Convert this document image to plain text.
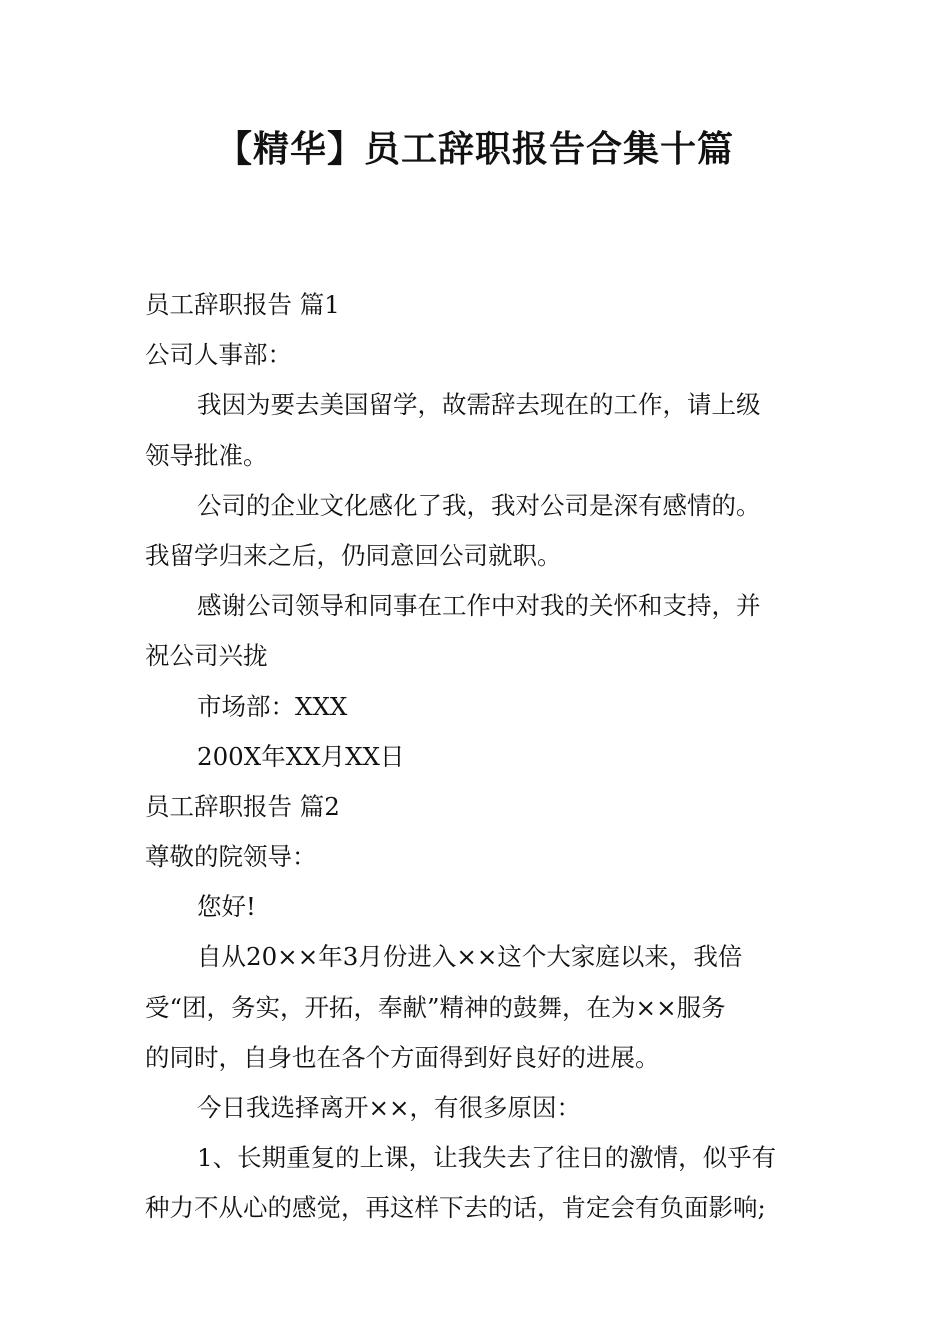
【精华】员工辞职报告合集十篇
员工辞职报告 篇1
公司人事部：
我因为要去美国留学，故需辞去现在的工作，请上级
领导批准。
公司的企业文化感化了我，我对公司是深有感情的。
我留学归来之后，仍同意回公司就职。
感谢公司领导和同事在工作中对我的关怀和支持，并
祝公司兴拢
市场部：XXX
200X年XX月XX日
员工辞职报告 篇2
尊敬的院领导：
您好!
自从20××年3月份进入××这个大家庭以来，我倍
受“团，务实，开拓，奉献”精神的鼓舞，在为××服务
的同时，自身也在各个方面得到好良好的进展。
今日我选择离开××，有很多原因：
1、长期重复的上课，让我失去了往日的激情，似乎有
种力不从心的感觉，再这样下去的话，肯定会有负面影响;
